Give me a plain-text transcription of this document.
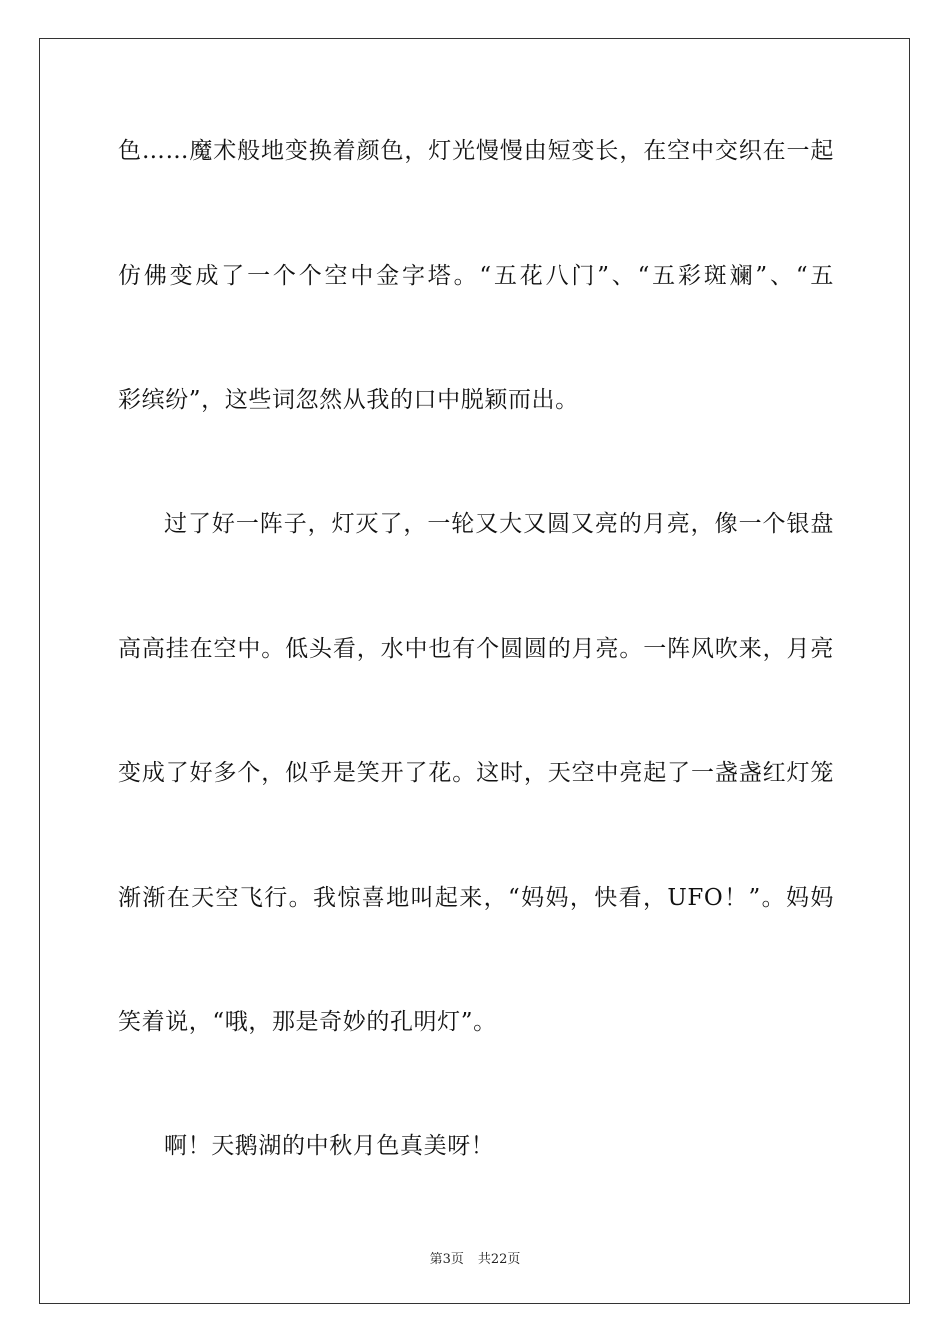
色……魔术般地变换着颜色，灯光慢慢由短变长，在空中交织在一起
仿佛变成了一个个空中金字塔。“五花八门”、“五彩斑斓”、“五
彩缤纷”，这些词忽然从我的口中脱颖而出。
过了好一阵子，灯灭了，一轮又大又圆又亮的月亮，像一个银盘
高高挂在空中。低头看，水中也有个圆圆的月亮。一阵风吹来，月亮
变成了好多个，似乎是笑开了花。这时，天空中亮起了一盏盏红灯笼
渐渐在天空飞行。我惊喜地叫起来，“妈妈，快看，UFO！”。妈妈
笑着说，“哦，那是奇妙的孔明灯”。
啊！天鹅湖的中秋月色真美呀！
第3页 共22页
